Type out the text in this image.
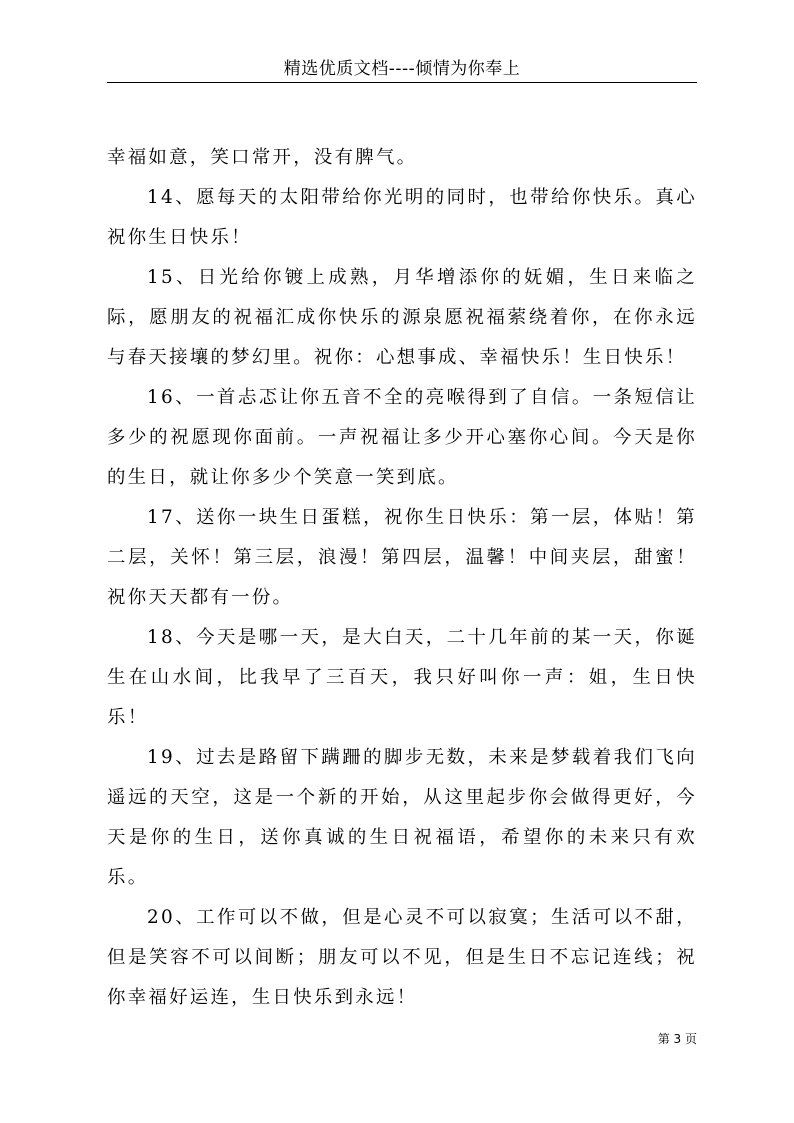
精选优质文档----倾情为你奉上

幸福如意，笑口常开，没有脾气。

14、愿每天的太阳带给你光明的同时，也带给你快乐。真心祝你生日快乐！

15、日光给你镀上成熟，月华增添你的妩媚，生日来临之际，愿朋友的祝福汇成你快乐的源泉愿祝福萦绕着你，在你永远与春天接壤的梦幻里。祝你：心想事成、幸福快乐！生日快乐！

16、一首忐忑让你五音不全的亮喉得到了自信。一条短信让多少的祝愿现你面前。一声祝福让多少开心塞你心间。今天是你的生日，就让你多少个笑意一笑到底。

17、送你一块生日蛋糕，祝你生日快乐：第一层，体贴！第二层，关怀！第三层，浪漫！第四层，温馨！中间夹层，甜蜜！祝你天天都有一份。

18、今天是哪一天，是大白天，二十几年前的某一天，你诞生在山水间，比我早了三百天，我只好叫你一声：姐，生日快乐！

19、过去是路留下蹒跚的脚步无数，未来是梦载着我们飞向遥远的天空，这是一个新的开始，从这里起步你会做得更好，今天是你的生日，送你真诚的生日祝福语，希望你的未来只有欢乐。

20、工作可以不做，但是心灵不可以寂寞；生活可以不甜，但是笑容不可以间断；朋友可以不见，但是生日不忘记连线；祝你幸福好运连，生日快乐到永远！

第 3 页
